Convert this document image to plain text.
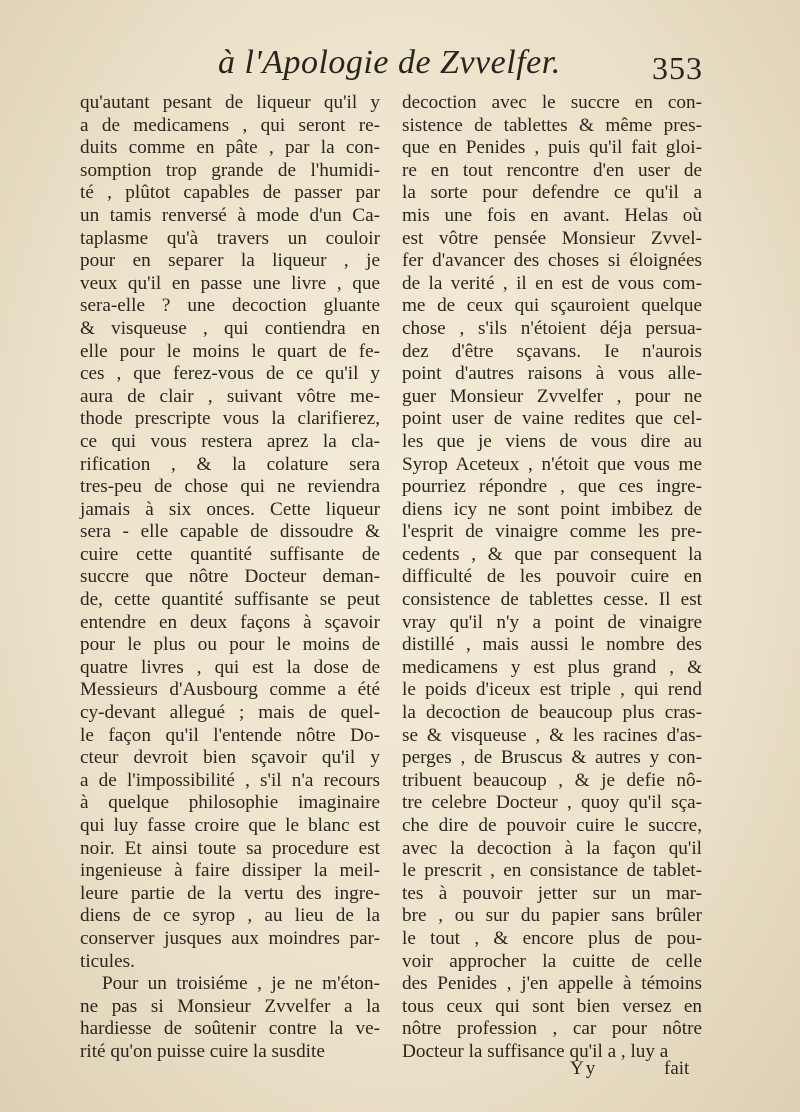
à l'Apologie de Zvvelfer.	353
qu'autant pesant de liqueur qu'il y
a de medicamens , qui seront re-
duits comme en pâte , par la con-
somption trop grande de l'humidi-
té , plûtot capables de passer par
un tamis renversé à mode d'un Ca-
taplasme qu'à travers un couloir
pour en separer la liqueur , je
veux qu'il en passe une livre , que
sera-elle ? une decoction gluante
& visqueuse , qui contiendra en
elle pour le moins le quart de fe-
ces , que ferez-vous de ce qu'il y
aura de clair , suivant vôtre me-
thode prescripte vous la clarifierez,
ce qui vous restera aprez la cla-
rification , & la colature sera
tres-peu de chose qui ne reviendra
jamais à six onces. Cette liqueur
sera - elle capable de dissoudre &
cuire cette quantité suffisante de
succre que nôtre Docteur deman-
de, cette quantité suffisante se peut
entendre en deux façons à sçavoir
pour le plus ou pour le moins de
quatre livres , qui est la dose de
Messieurs d'Ausbourg comme a été
cy-devant allegué ; mais de quel-
le façon qu'il l'entende nôtre Do-
cteur devroit bien sçavoir qu'il y
a de l'impossibilité , s'il n'a recours
à quelque philosophie imaginaire
qui luy fasse croire que le blanc est
noir. Et ainsi toute sa procedure est
ingenieuse à faire dissiper la meil-
leure partie de la vertu des ingre-
diens de ce syrop , au lieu de la
conserver jusques aux moindres par-
ticules.
Pour un troisiéme , je ne m'éton-
ne pas si Monsieur Zvvelfer a la
hardiesse de soûtenir contre la ve-
rité qu'on puisse cuire la susdite
decoction avec le succre en con-
sistence de tablettes & même pres-
que en Penides , puis qu'il fait gloi-
re en tout rencontre d'en user de
la sorte pour defendre ce qu'il a
mis une fois en avant. Helas où
est vôtre pensée Monsieur Zvvel-
fer d'avancer des choses si éloignées
de la verité , il en est de vous com-
me de ceux qui sçauroient quelque
chose , s'ils n'étoient déja persua-
dez d'être sçavans. Ie n'aurois
point d'autres raisons à vous alle-
guer Monsieur Zvvelfer , pour ne
point user de vaine redites que cel-
les que je viens de vous dire au
Syrop Aceteux , n'étoit que vous me
pourriez répondre , que ces ingre-
diens icy ne sont point imbibez de
l'esprit de vinaigre comme les pre-
cedents , & que par consequent la
difficulté de les pouvoir cuire en
consistence de tablettes cesse. Il est
vray qu'il n'y a point de vinaigre
distillé , mais aussi le nombre des
medicamens y est plus grand , &
le poids d'iceux est triple , qui rend
la decoction de beaucoup plus cras-
se & visqueuse , & les racines d'as-
perges , de Bruscus & autres y con-
tribuent beaucoup , & je defie nô-
tre celebre Docteur , quoy qu'il sça-
che dire de pouvoir cuire le succre,
avec la decoction à la façon qu'il
le prescrit , en consistance de tablet-
tes à pouvoir jetter sur un mar-
bre , ou sur du papier sans brûler
le tout , & encore plus de pou-
voir approcher la cuitte de celle
des Penides , j'en appelle à témoins
tous ceux qui sont bien versez en
nôtre profession , car pour nôtre
Docteur la suffisance qu'il a , luy a
Yy	fait
